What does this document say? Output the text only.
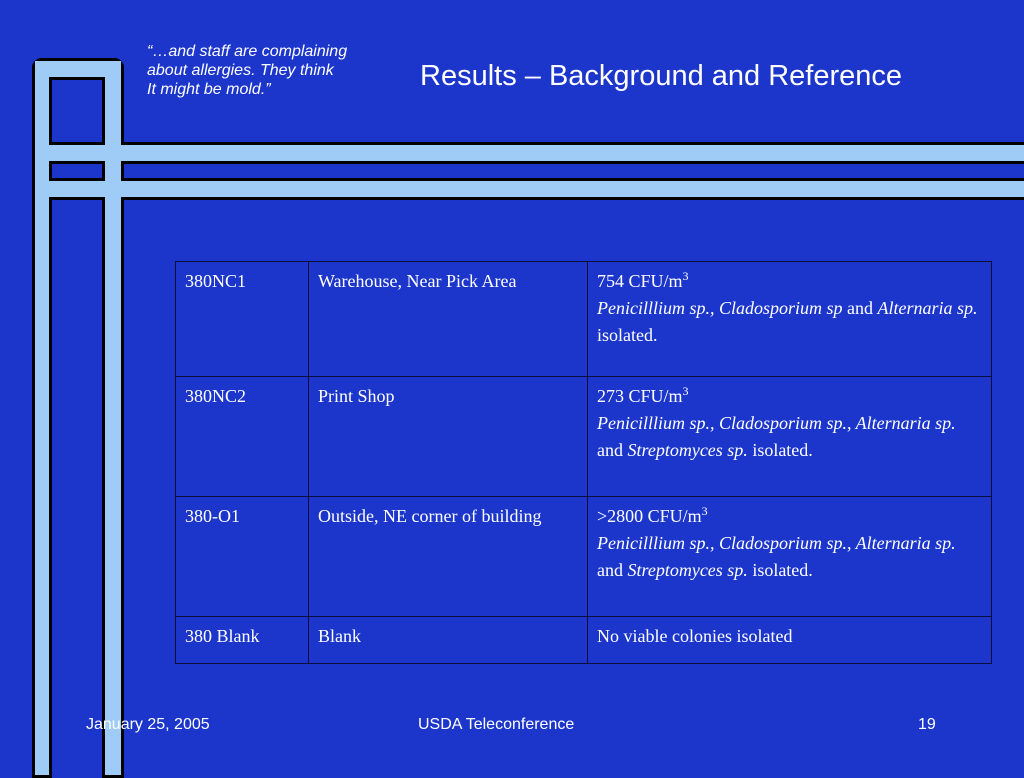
“…and staff are complaining
about allergies. They think
It might be mold.”	Results – Background and Reference
380NC1	Warehouse, Near Pick Area	754 CFU/$m^3$
Penicilllium sp., Cladosporium sp and Alternaria sp. isolated.

380NC2	Print Shop	273 CFU/$m^3$
Penicilllium sp., Cladosporium sp., Alternaria sp. and Streptomyces sp. isolated.

380-O1	Outside, NE corner of building	>2800 CFU/$m^3$
Penicilllium sp., Cladosporium sp., Alternaria sp. and Streptomyces sp. isolated.

380 Blank	Blank	No viable colonies isolated
January 25, 2005	USDA Teleconference	19
